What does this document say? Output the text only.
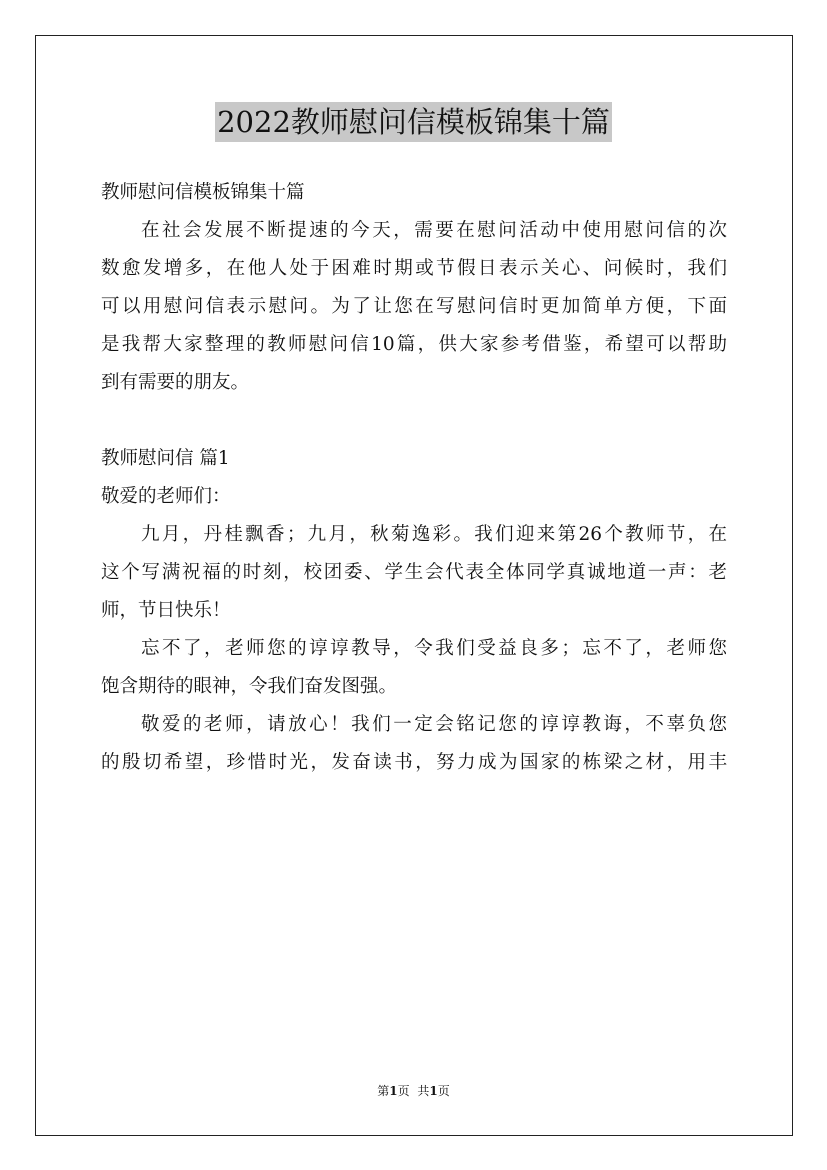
2022教师慰问信模板锦集十篇
教师慰问信模板锦集十篇
在社会发展不断提速的今天，需要在慰问活动中使用慰问信的次
数愈发增多，在他人处于困难时期或节假日表示关心、问候时，我们
可以用慰问信表示慰问。为了让您在写慰问信时更加简单方便，下面
是我帮大家整理的教师慰问信10篇，供大家参考借鉴，希望可以帮助
到有需要的朋友。
教师慰问信 篇1
敬爱的老师们：
九月，丹桂飘香；九月，秋菊逸彩。我们迎来第26个教师节，在
这个写满祝福的时刻，校团委、学生会代表全体同学真诚地道一声：老
师，节日快乐！
忘不了，老师您的谆谆教导，令我们受益良多；忘不了，老师您
饱含期待的眼神，令我们奋发图强。
敬爱的老师，请放心！我们一定会铭记您的谆谆教诲，不辜负您
的殷切希望，珍惜时光，发奋读书，努力成为国家的栋梁之材，用丰
第1页 共1页
